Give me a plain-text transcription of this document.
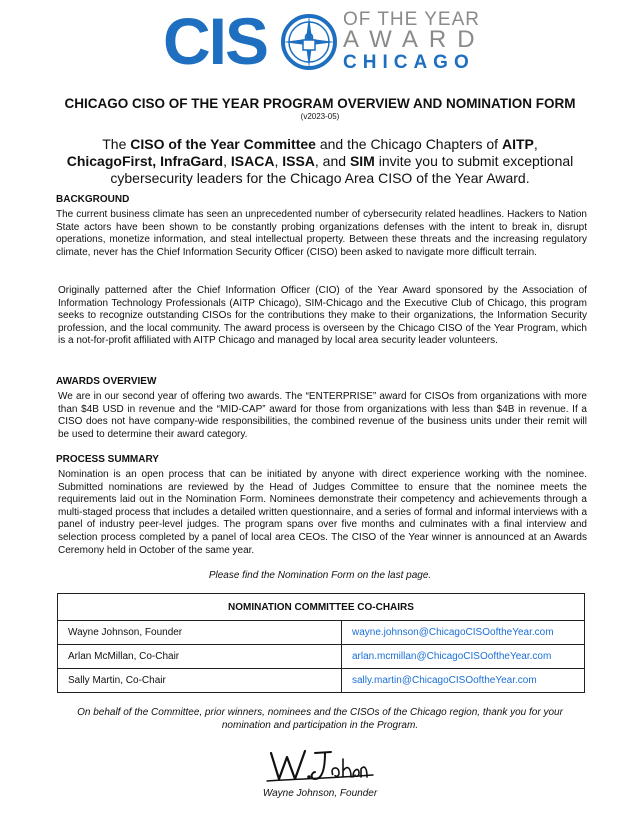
CIS	OF THE YEAR
AWARD
CHICAGO
CHICAGO CISO OF THE YEAR PROGRAM OVERVIEW AND NOMINATION FORM
(v2023-05)
The CISO of the Year Committee and the Chicago Chapters of AITP, ChicagoFirst, InfraGard, ISACA, ISSA, and SIM invite you to submit exceptional cybersecurity leaders for the Chicago Area CISO of the Year Award.
BACKGROUND
The current business climate has seen an unprecedented number of cybersecurity related headlines. Hackers to Nation State actors have been shown to be constantly probing organizations defenses with the intent to break in, disrupt operations, monetize information, and steal intellectual property. Between these threats and the increasing regulatory climate, never has the Chief Information Security Officer (CISO) been asked to navigate more difficult terrain.
Originally patterned after the Chief Information Officer (CIO) of the Year Award sponsored by the Association of Information Technology Professionals (AITP Chicago), SIM-Chicago and the Executive Club of Chicago, this program seeks to recognize outstanding CISOs for the contributions they make to their organizations, the Information Security profession, and the local community. The award process is overseen by the Chicago CISO of the Year Program, which is a not-for-profit affiliated with AITP Chicago and managed by local area security leader volunteers.
AWARDS OVERVIEW
We are in our second year of offering two awards. The “ENTERPRISE” award for CISOs from organizations with more than $4B USD in revenue and the “MID-CAP” award for those from organizations with less than $4B in revenue. If a CISO does not have company-wide responsibilities, the combined revenue of the business units under their remit will be used to determine their award category.
PROCESS SUMMARY
Nomination is an open process that can be initiated by anyone with direct experience working with the nominee. Submitted nominations are reviewed by the Head of Judges Committee to ensure that the nominee meets the requirements laid out in the Nomination Form. Nominees demonstrate their competency and achievements through a multi-staged process that includes a detailed written questionnaire, and a series of formal and informal interviews with a panel of industry peer-level judges. The program spans over five months and culminates with a final interview and selection process completed by a panel of local area CEOs. The CISO of the Year winner is announced at an Awards Ceremony held in October of the same year.
Please find the Nomination Form on the last page.
NOMINATION COMMITTEE CO-CHAIRS	
Wayne Johnson, Founder	wayne.johnson@ChicagoCISOoftheYear.com
Arlan McMillan, Co-Chair	arlan.mcmillan@ChicagoCISOoftheYear.com
Sally Martin, Co-Chair	sally.martin@ChicagoCISOoftheYear.com
On behalf of the Committee, prior winners, nominees and the CISOs of the Chicago region, thank you for your nomination and participation in the Program.
Wayne Johnson, Founder
